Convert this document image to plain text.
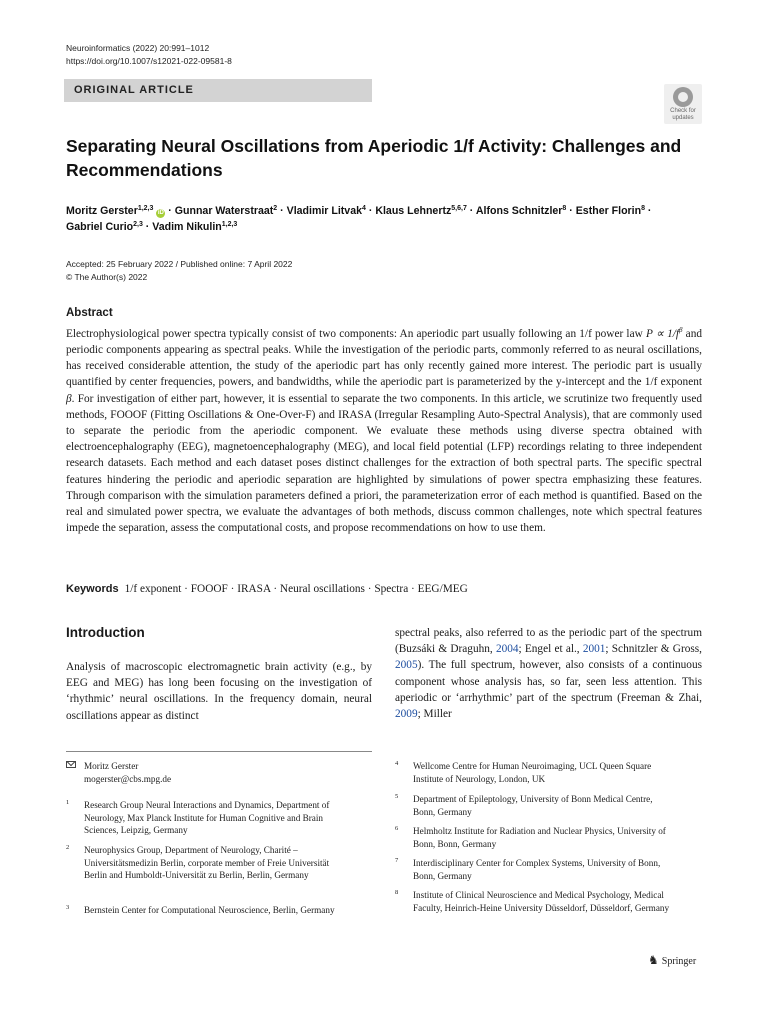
Neuroinformatics (2022) 20:991–1012
https://doi.org/10.1007/s12021-022-09581-8
ORIGINAL ARTICLE
Check for
updates
Separating Neural Oscillations from Aperiodic 1/f Activity: Challenges and Recommendations
Moritz Gerster$^{1,2,3}$ iD · Gunnar Waterstraat$^2$ · Vladimir Litvak$^4$ · Klaus Lehnertz$^{5,6,7}$ · Alfons Schnitzler$^8$ · Esther Florin$^8$ ·
Gabriel Curio$^{2,3}$ · Vadim Nikulin$^{1,2,3}$
Accepted: 25 February 2022 / Published online: 7 April 2022
© The Author(s) 2022
Abstract
Electrophysiological power spectra typically consist of two components: An aperiodic part usually following an 1/f power law $P \propto 1/f^\beta$ and periodic components appearing as spectral peaks. While the investigation of the periodic parts, commonly referred to as neural oscillations, has received considerable attention, the study of the aperiodic part has only recently gained more interest. The periodic part is usually quantified by center frequencies, powers, and bandwidths, while the aperiodic part is parameterized by the y-intercept and the 1/f exponent β. For investigation of either part, however, it is essential to separate the two components. In this article, we scrutinize two frequently used methods, FOOOF (Fitting Oscillations & One-Over-F) and IRASA (Irregular Resampling Auto-Spectral Analysis), that are commonly used to separate the periodic from the aperiodic component. We evaluate these methods using diverse spectra obtained with electroencephalography (EEG), magnetoencephalography (MEG), and local field potential (LFP) recordings relating to three independent research datasets. Each method and each dataset poses distinct challenges for the extraction of both spectral parts. The specific spectral features hindering the periodic and aperiodic separation are highlighted by simulations of power spectra emphasizing these features. Through comparison with the simulation parameters defined a priori, the parameterization error of each method is quantified. Based on the real and simulated power spectra, we evaluate the advantages of both methods, discuss common challenges, note which spectral features impede the separation, assess the computational costs, and propose recommendations on how to use them.
Keywords 1/f exponent · FOOOF · IRASA · Neural oscillations · Spectra · EEG/MEG
Introduction
Analysis of macroscopic electromagnetic brain activity (e.g., by EEG and MEG) has long been focusing on the investigation of ‘rhythmic’ neural oscillations. In the frequency domain, neural oscillations appear as distinct
spectral peaks, also referred to as the periodic part of the spectrum (Buzsáki & Draguhn, 2004; Engel et al., 2001; Schnitzler & Gross, 2005). The full spectrum, however, also consists of a continuous component whose analysis has, so far, seen less attention. This aperiodic or ‘arrhythmic’ part of the spectrum (Freeman & Zhai, 2009; Miller
Moritz Gerster
mogerster@cbs.mpg.de
1 Research Group Neural Interactions and Dynamics, Department of Neurology, Max Planck Institute for Human Cognitive and Brain Sciences, Leipzig, Germany
2 Neurophysics Group, Department of Neurology, Charité – Universitätsmedizin Berlin, corporate member of Freie Universität Berlin and Humboldt-Universität zu Berlin, Berlin, Germany
3 Bernstein Center for Computational Neuroscience, Berlin, Germany
4 Wellcome Centre for Human Neuroimaging, UCL Queen Square Institute of Neurology, London, UK
5 Department of Epileptology, University of Bonn Medical Centre, Bonn, Germany
6 Helmholtz Institute for Radiation and Nuclear Physics, University of Bonn, Bonn, Germany
7 Interdisciplinary Center for Complex Systems, University of Bonn, Bonn, Germany
8 Institute of Clinical Neuroscience and Medical Psychology, Medical Faculty, Heinrich-Heine University Düsseldorf, Düsseldorf, Germany
♞ Springer
